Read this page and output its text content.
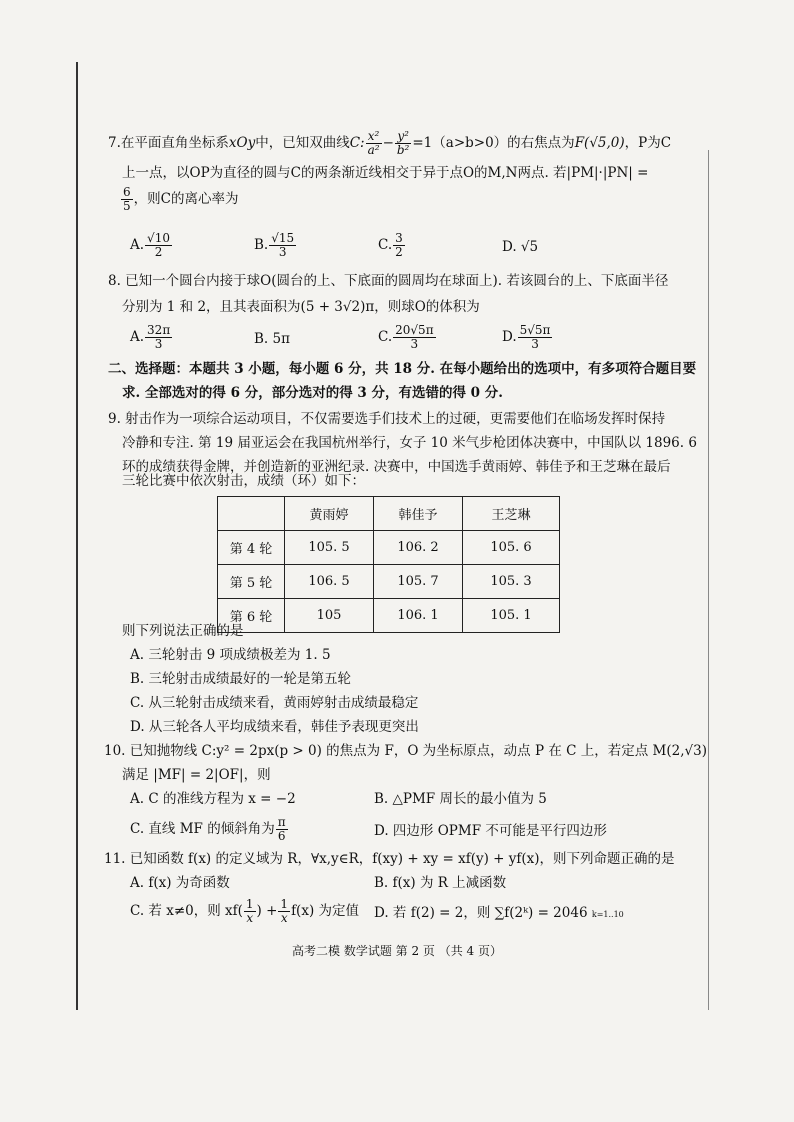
7.在平面直角坐标系xOy中，已知双曲线C: $\frac{\text{x²}}{\text{a²}} - \frac{\text{y²}}{\text{b²}} =1(a>b>0)$的右焦点为F(√5,0)，P为C
上一点，以OP为直径的圆与C的两条渐近线相交于异于点O的M,N两点. 若|PM|·|PN| =
$\frac{6}{5}$ ，则C的离心率为
A. $\frac{√10}{2}$	B. $\frac{√15}{3}$	C. $\frac{3}{2}$	D. √5
8. 已知一个圆台内接于球O(圆台的上、下底面的圆周均在球面上). 若该圆台的上、下底面半径
分别为 1 和 2，且其表面积为(5 + 3√2)π，则球O的体积为
A. $\frac{32\pi}{3}$	B. 5π	C. $\frac{20√5\pi}{3}$	D. $\frac{5√5\pi}{3}$
二、选择题：本题共 3 小题，每小题 6 分，共 18 分. 在每小题给出的选项中，有多项符合题目要
求. 全部选对的得 6 分，部分选对的得 3 分，有选错的得 0 分.
9. 射击作为一项综合运动项目，不仅需要选手们技术上的过硬，更需要他们在临场发挥时保持
冷静和专注. 第 19 届亚运会在我国杭州举行，女子 10 米气步枪团体决赛中，中国队以 1896. 6
环的成绩获得金牌，并创造新的亚洲纪录. 决赛中，中国选手黄雨婷、韩佳予和王芝琳在最后
三轮比赛中依次射击，成绩（环）如下：
	黄雨婷	韩佳予	王芝琳
第 4 轮	105. 5	106. 2	105. 6
第 5 轮	106. 5	105. 7	105. 3
第 6 轮	105	106. 1	105. 1
则下列说法正确的是
A. 三轮射击 9 项成绩极差为 1. 5
B. 三轮射击成绩最好的一轮是第五轮
C. 从三轮射击成绩来看，黄雨婷射击成绩最稳定
D. 从三轮各人平均成绩来看，韩佳予表现更突出
10. 已知抛物线 C:y² = 2px(p > 0) 的焦点为 F，O 为坐标原点，动点 P 在 C 上，若定点 M(2,√3)
满足 |MF| = 2|OF|，则
A. C 的准线方程为 x = −2	B. △PMF 周长的最小值为 5
C. 直线 MF 的倾斜角为 $\frac{\pi}{6}$	D. 四边形 OPMF 不可能是平行四边形
11. 已知函数 f(x) 的定义域为 R，∀x,y∈R，f(xy) + xy = xf(y) + yf(x)，则下列命题正确的是
A. f(x) 为奇函数	B. f(x) 为 R 上减函数
C. 若 x≠0，则 $xf( \frac{1}{x}$ ) + $\frac{1}{x} f(x)$ 为定值 D. 若 f(2) = 2，则 ∑f(2ᵏ) = 2046 k=1..10
高考二模 数学试题 第 2 页 （共 4 页）
